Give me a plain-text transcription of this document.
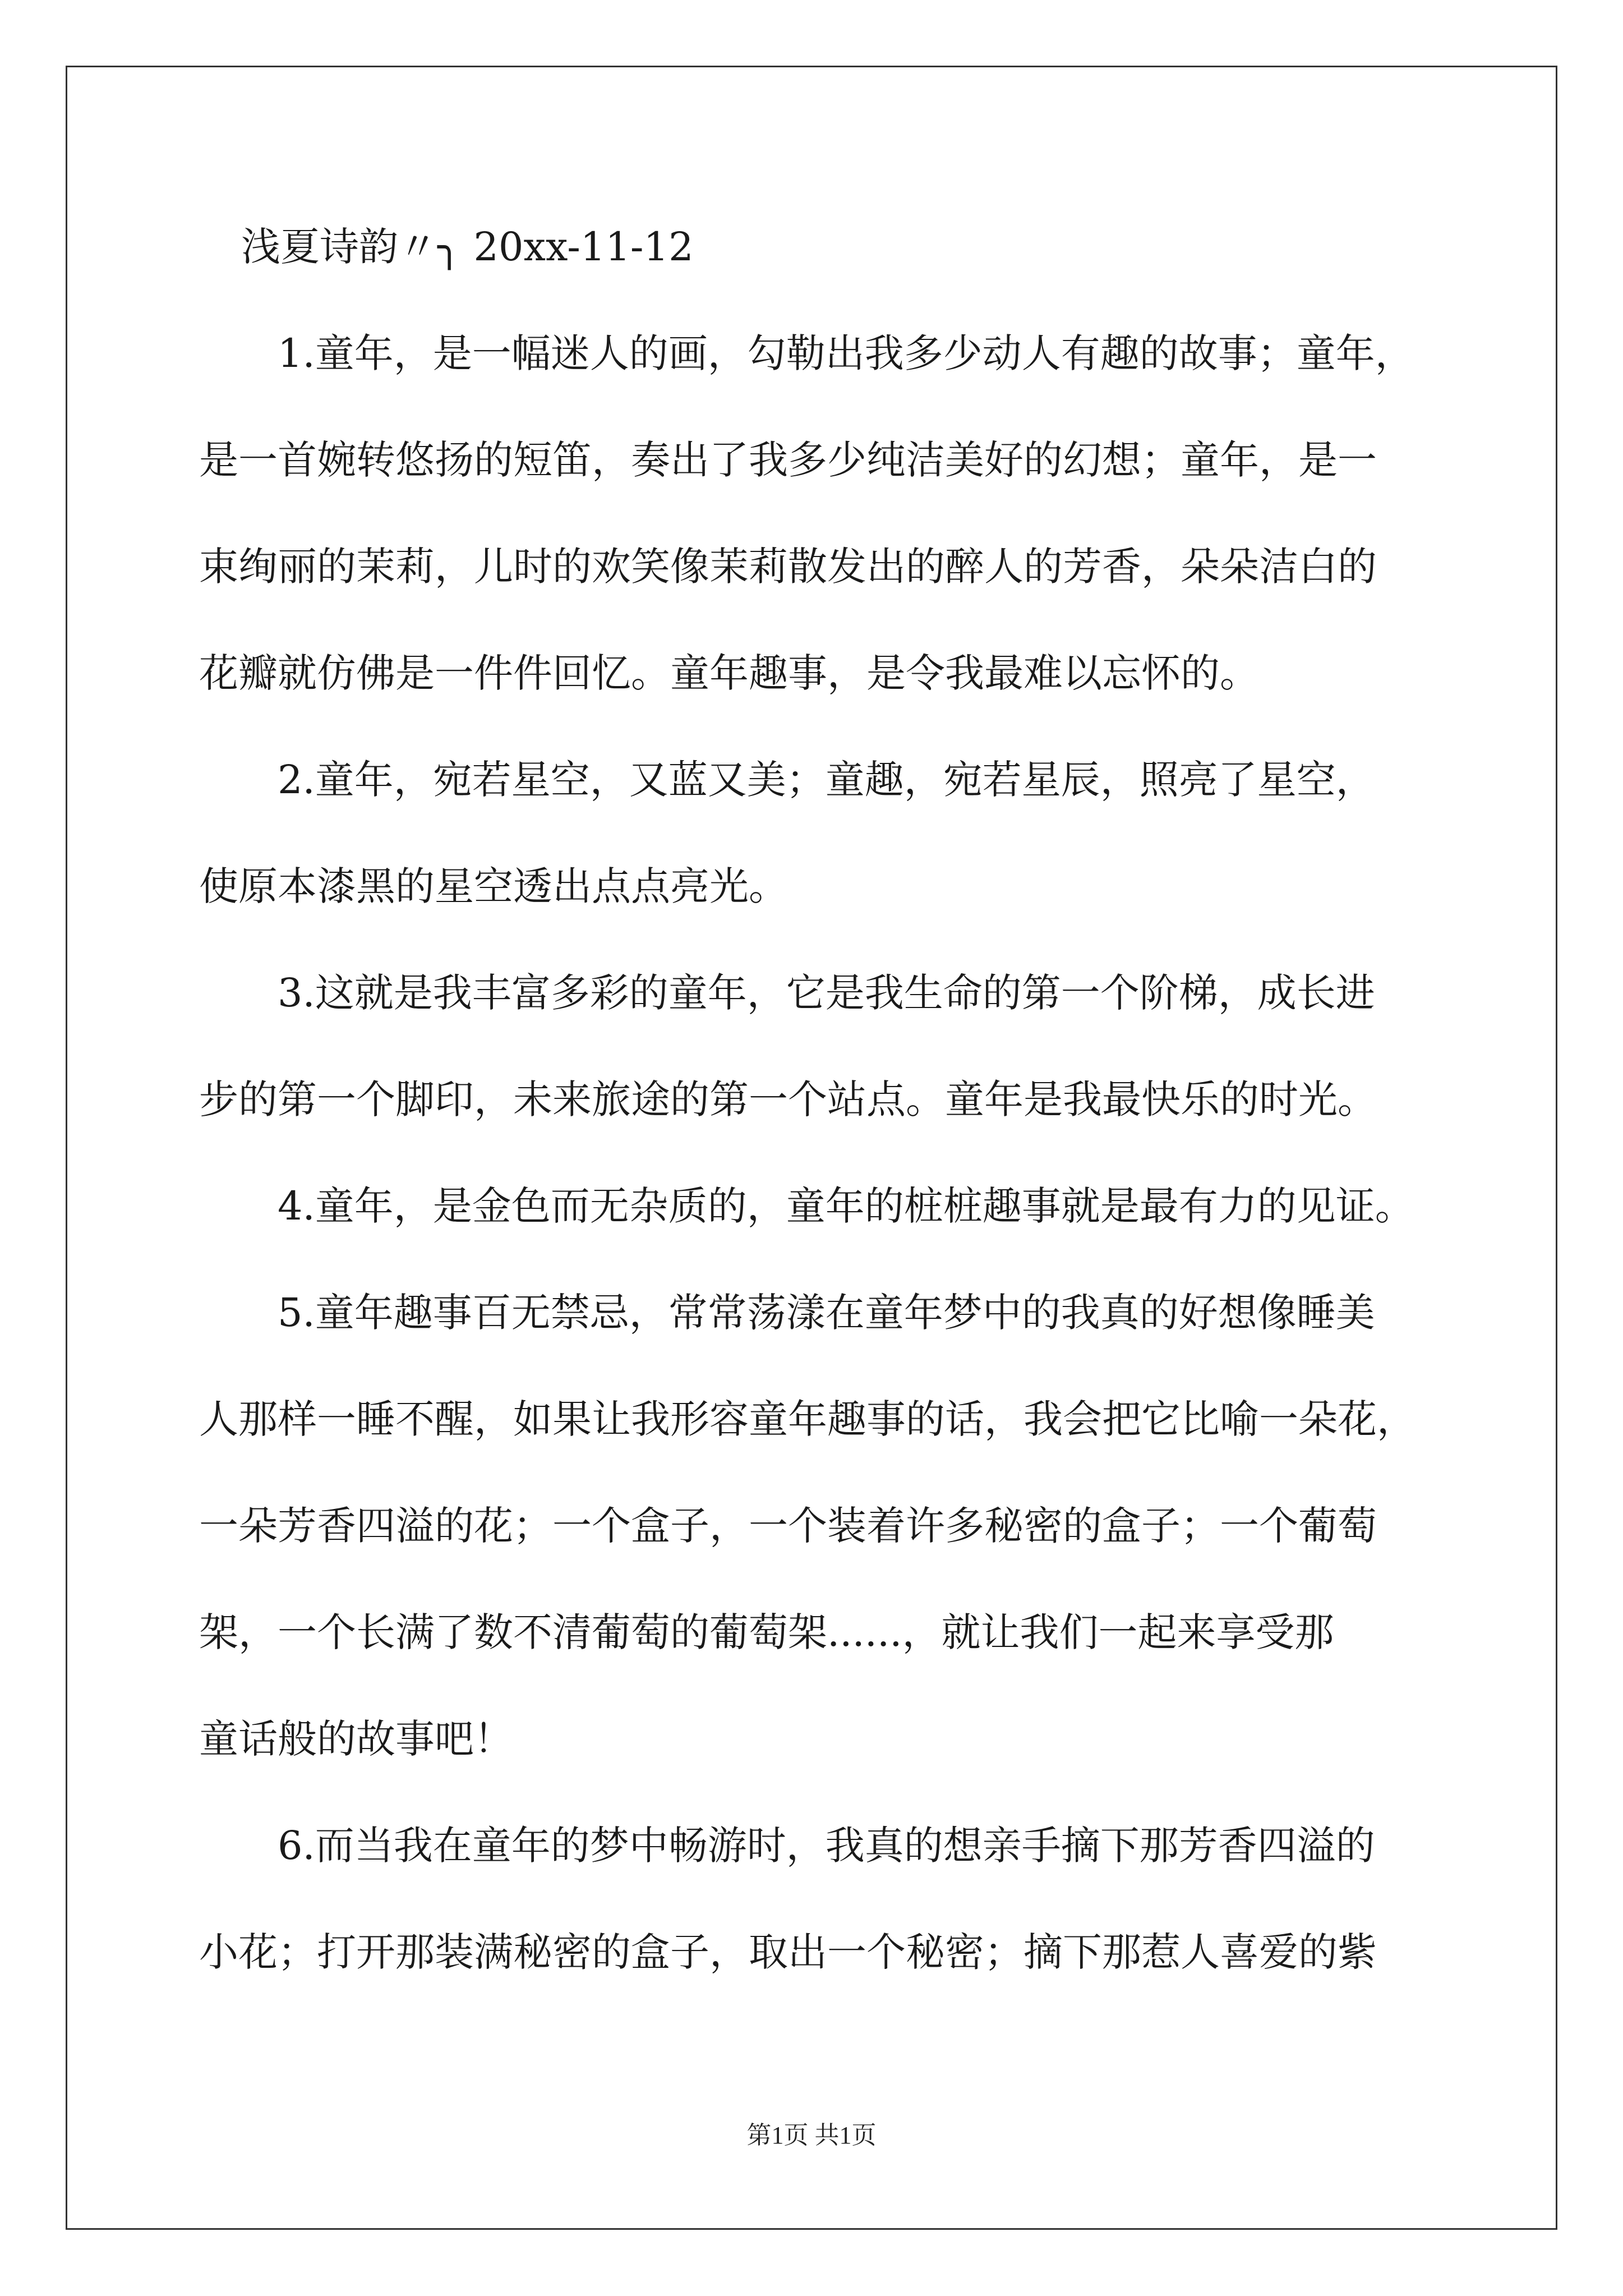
浅夏诗韵〃╮ 20xx-11-12
1.童年，是一幅迷人的画，勾勒出我多少动人有趣的故事；童年，
是一首婉转悠扬的短笛，奏出了我多少纯洁美好的幻想；童年，是一
束绚丽的茉莉，儿时的欢笑像茉莉散发出的醉人的芳香，朵朵洁白的
花瓣就仿佛是一件件回忆。童年趣事，是令我最难以忘怀的。
2.童年，宛若星空，又蓝又美；童趣，宛若星辰，照亮了星空，
使原本漆黑的星空透出点点亮光。
3.这就是我丰富多彩的童年，它是我生命的第一个阶梯，成长进
步的第一个脚印，未来旅途的第一个站点。童年是我最快乐的时光。
4.童年，是金色而无杂质的，童年的桩桩趣事就是最有力的见证。
5.童年趣事百无禁忌，常常荡漾在童年梦中的我真的好想像睡美
人那样一睡不醒，如果让我形容童年趣事的话，我会把它比喻一朵花，
一朵芳香四溢的花；一个盒子，一个装着许多秘密的盒子；一个葡萄
架，一个长满了数不清葡萄的葡萄架......，就让我们一起来享受那
童话般的故事吧！
6.而当我在童年的梦中畅游时，我真的想亲手摘下那芳香四溢的
小花；打开那装满秘密的盒子，取出一个秘密；摘下那惹人喜爱的紫
第1页 共1页
